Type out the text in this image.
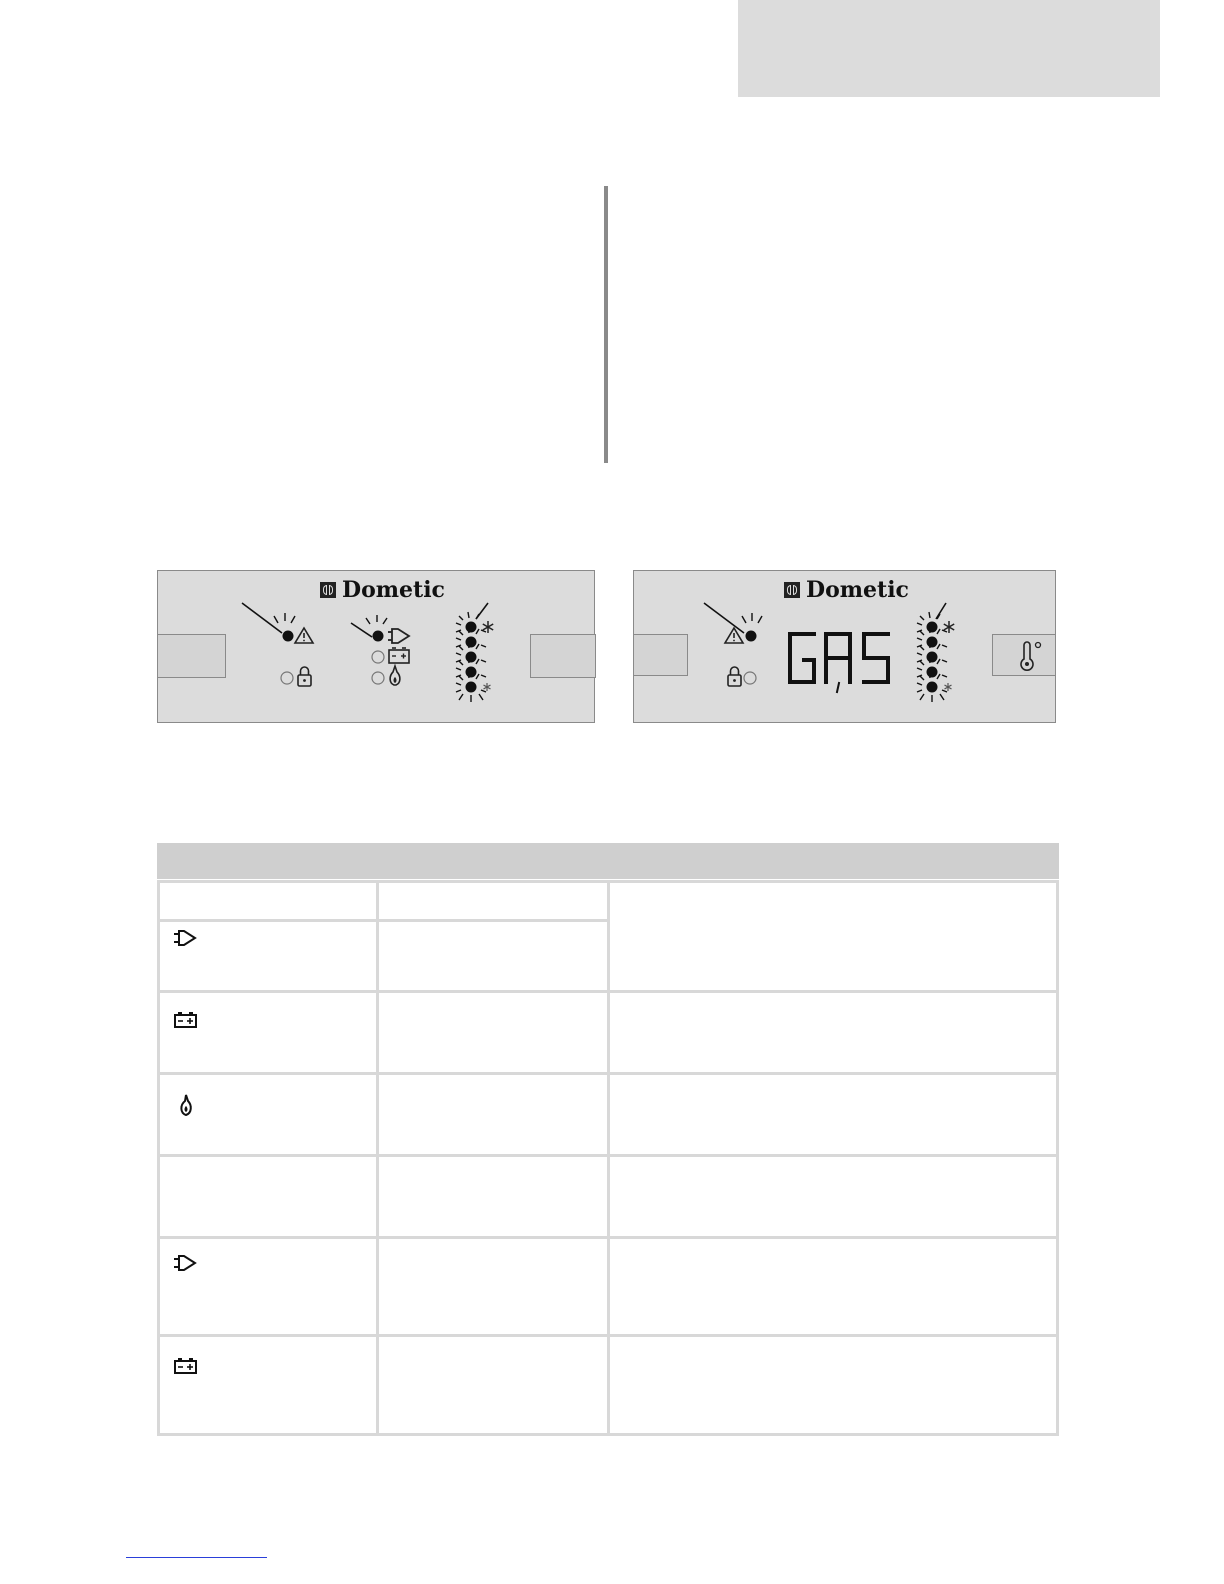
Dometic	Dometic
